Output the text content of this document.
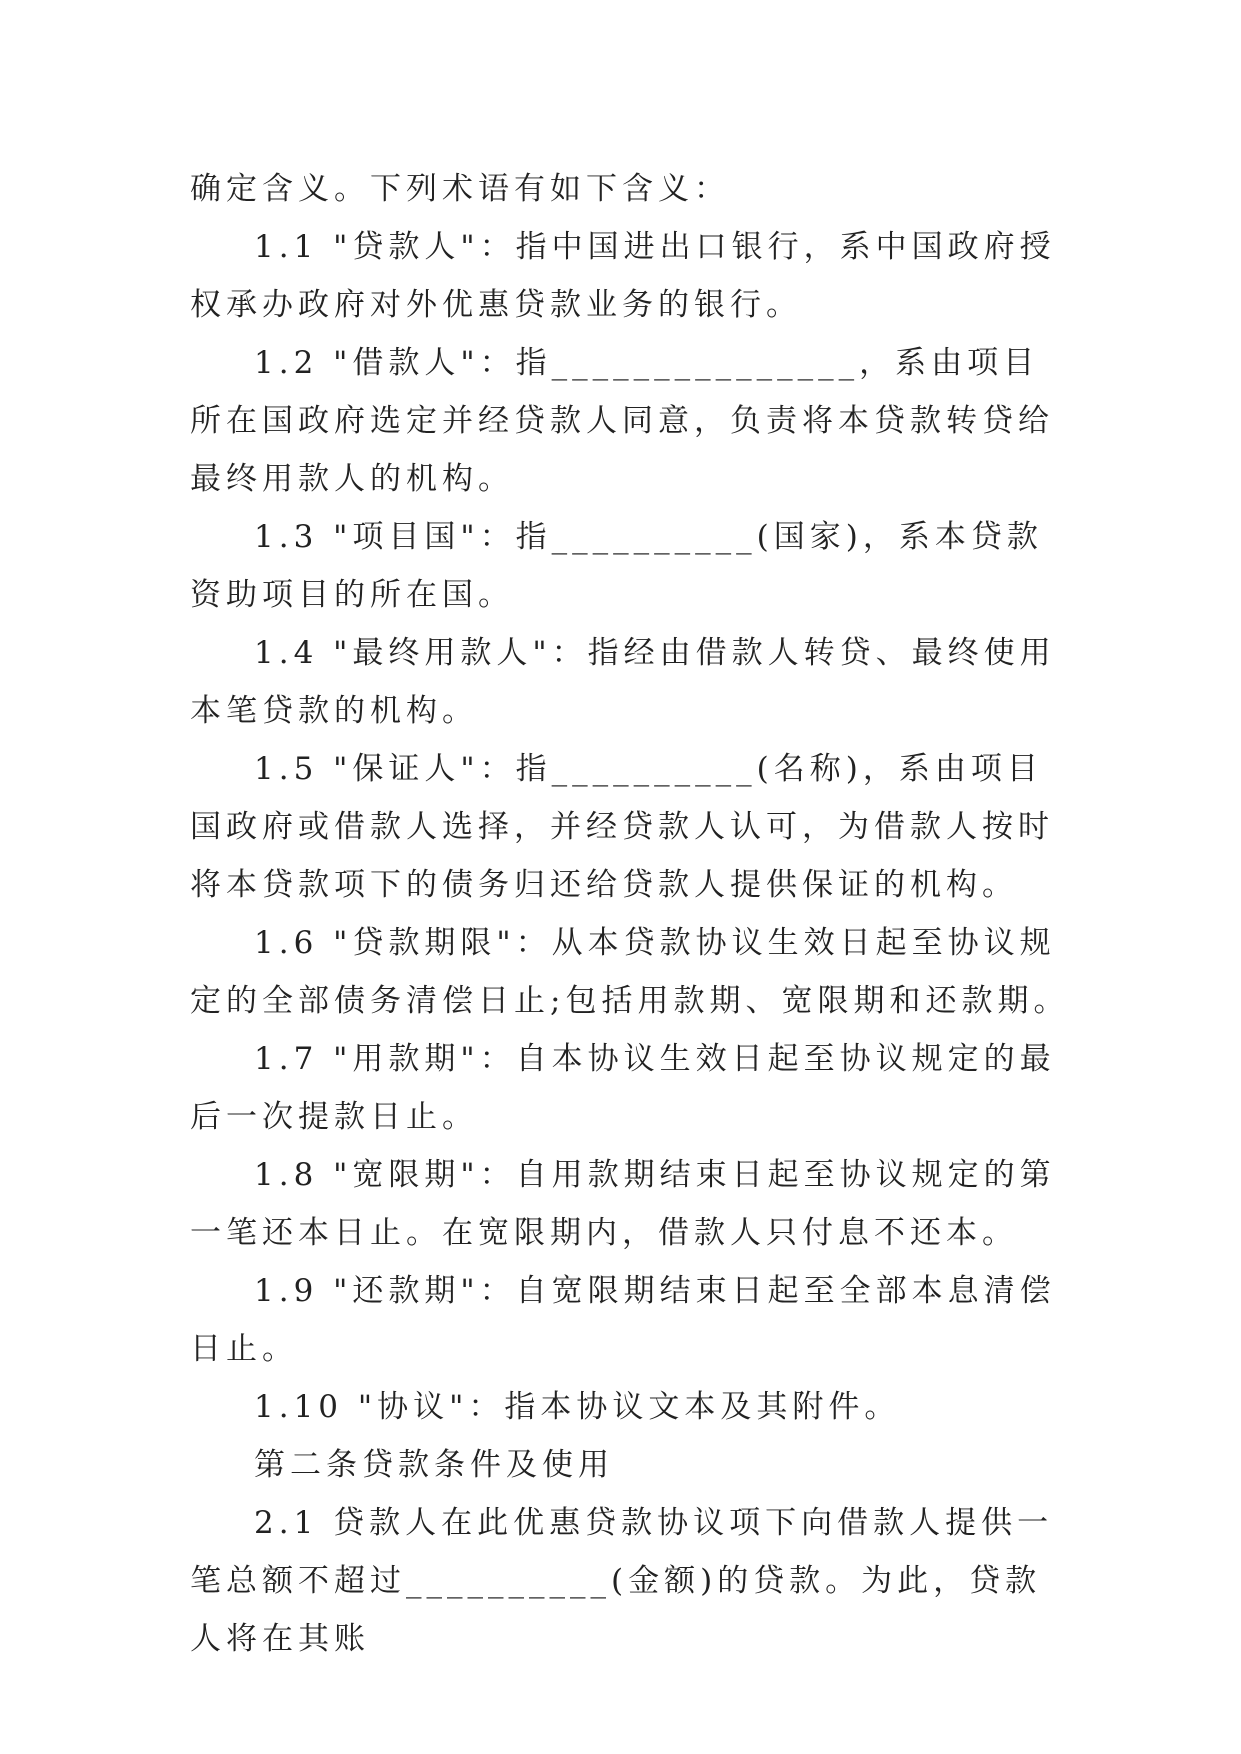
确定含义。下列术语有如下含义：

1.1 "贷款人"：指中国进出口银行，系中国政府授权承办政府对外优惠贷款业务的银行。

1.2 "借款人"：指_______________，系由项目所在国政府选定并经贷款人同意，负责将本贷款转贷给最终用款人的机构。

1.3 "项目国"：指__________(国家)，系本贷款资助项目的所在国。

1.4 "最终用款人"：指经由借款人转贷、最终使用本笔贷款的机构。

1.5 "保证人"：指__________(名称)，系由项目国政府或借款人选择，并经贷款人认可，为借款人按时将本贷款项下的债务归还给贷款人提供保证的机构。

1.6 "贷款期限"：从本贷款协议生效日起至协议规定的全部债务清偿日止;包括用款期、宽限期和还款期。

1.7 "用款期"：自本协议生效日起至协议规定的最后一次提款日止。

1.8 "宽限期"：自用款期结束日起至协议规定的第一笔还本日止。在宽限期内，借款人只付息不还本。

1.9 "还款期"：自宽限期结束日起至全部本息清偿日止。

1.10 "协议"：指本协议文本及其附件。

第二条贷款条件及使用

2.1 贷款人在此优惠贷款协议项下向借款人提供一笔总额不超过__________(金额)的贷款。为此，贷款人将在其账
